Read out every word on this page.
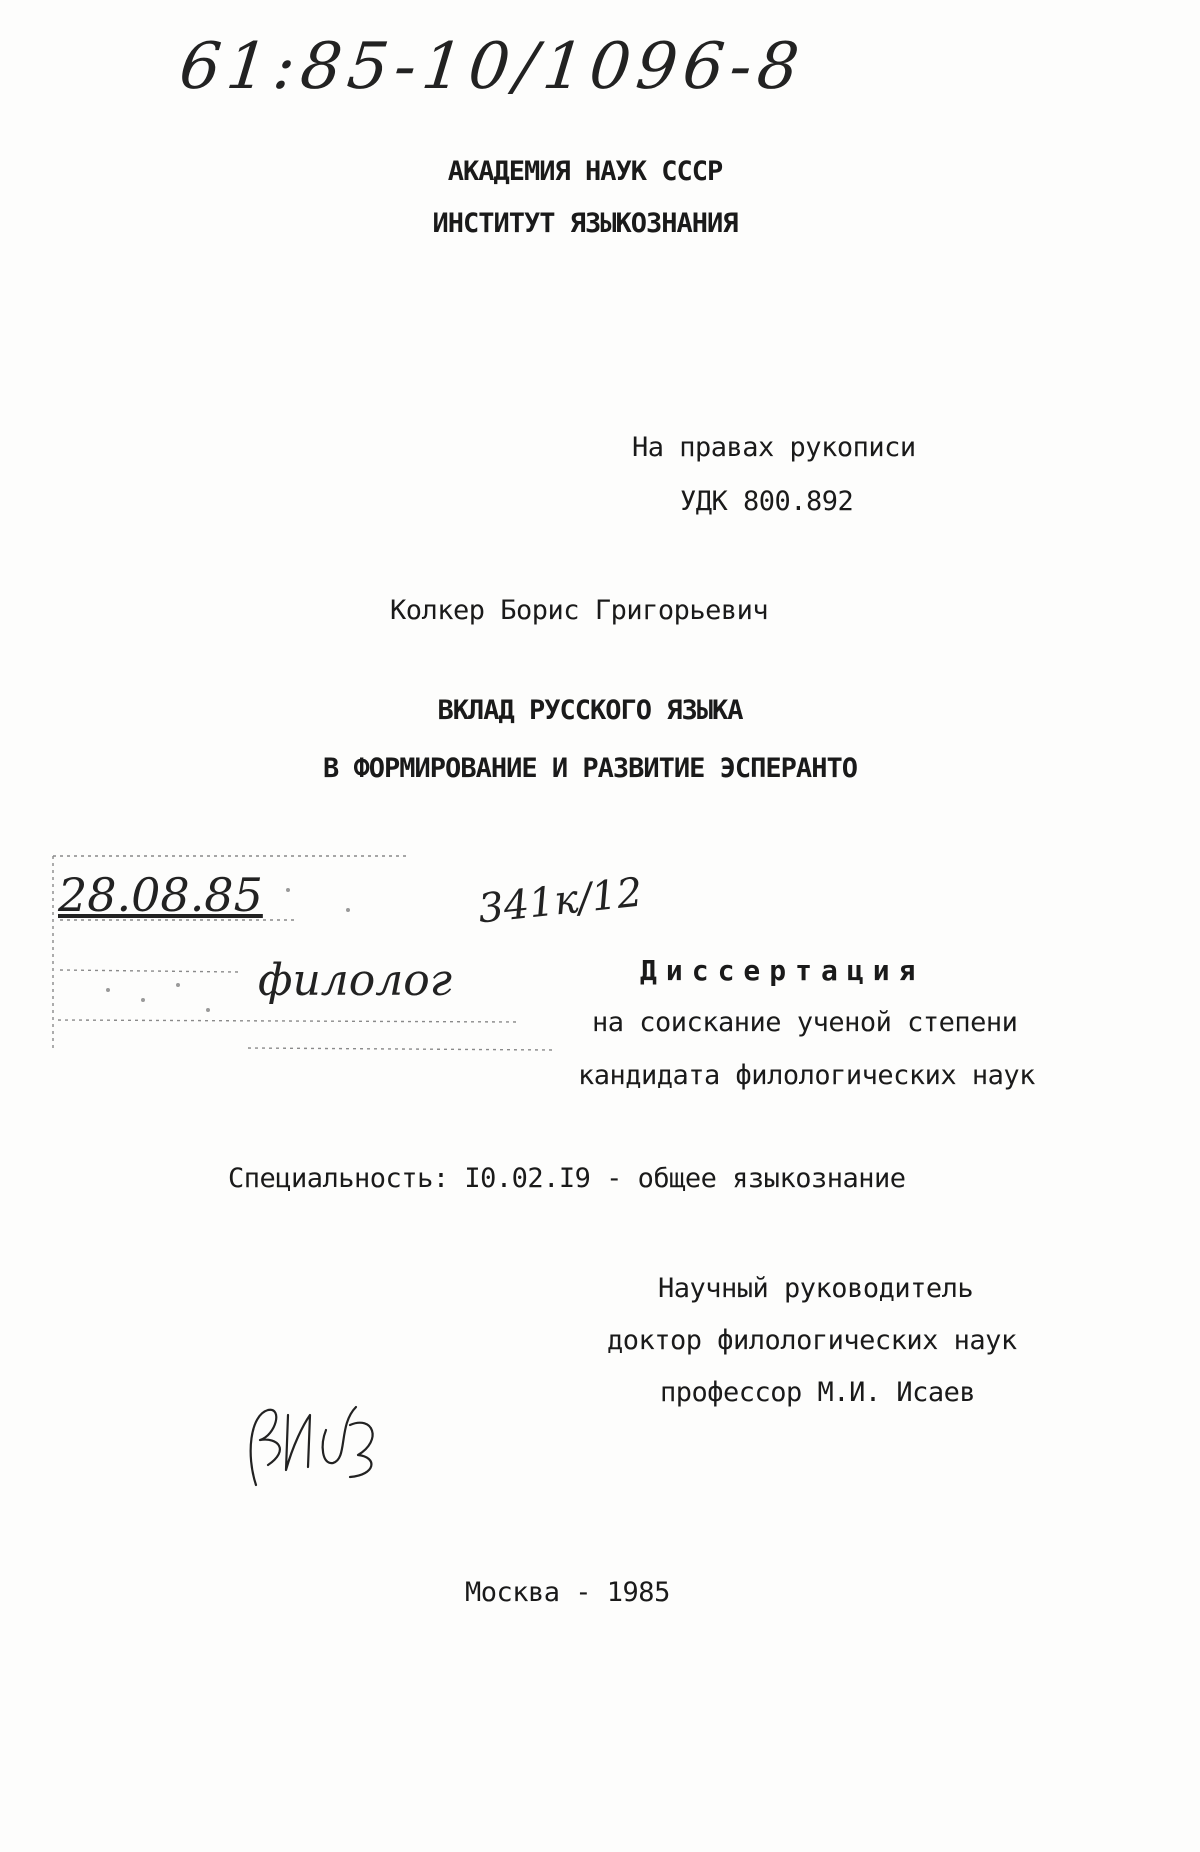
61:85-10/1096-8
АКАДЕМИЯ НАУК СССР
ИНСТИТУТ ЯЗЫКОЗНАНИЯ
На правах рукописи
УДК 800.892
Колкер Борис Григорьевич
ВКЛАД РУССКОГО ЯЗЫКА
В ФОРМИРОВАНИЕ И РАЗВИТИЕ ЭСПЕРАНТО
28.08.85
филолог
341к/12
Диссертация
на соискание ученой степени
кандидата филологических наук
Специальность: I0.02.I9 - общее языкознание
Научный руководитель
доктор филологических наук
профессор М.И. Исаев
Москва - 1985
